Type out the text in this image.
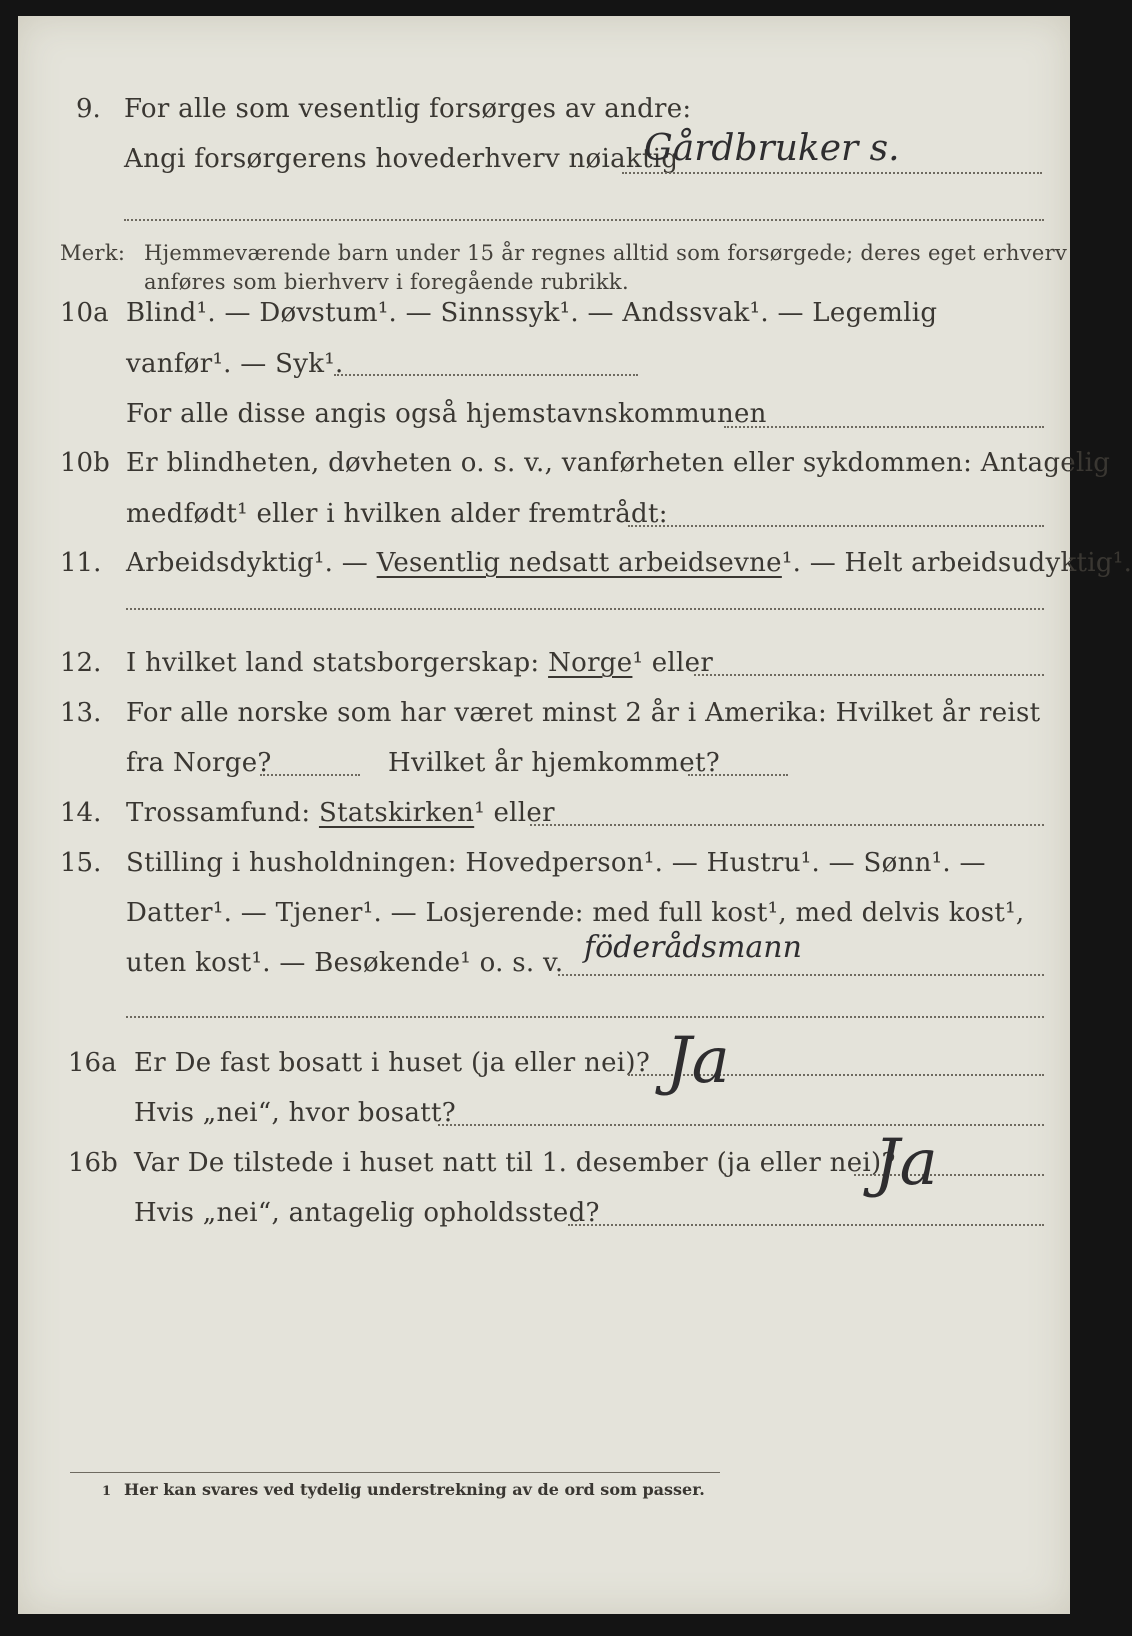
9. For alle som vesentlig forsørges av andre:
Angi forsørgerens hovederhverv nøiaktig
Gårdbruker s.
Merk: Hjemmeværende barn under 15 år regnes alltid som forsørgede; deres eget erhverv
anføres som bierhverv i foregående rubrikk.
10a Blind¹. — Døvstum¹. — Sinnssyk¹. — Andssvak¹. — Legemlig
vanfør¹. — Syk¹.
For alle disse angis også hjemstavnskommunen
10b Er blindheten, døvheten o. s. v., vanførheten eller sykdommen: Antagelig
medfødt¹ eller i hvilken alder fremtrådt:
11. Arbeidsdyktig¹. — Vesentlig nedsatt arbeidsevne¹. — Helt arbeidsudyktig¹.
12. I hvilket land statsborgerskap: Norge¹ eller
13. For alle norske som har været minst 2 år i Amerika: Hvilket år reist
fra Norge?	Hvilket år hjemkommet?
14. Trossamfund: Statskirken¹ eller
15. Stilling i husholdningen: Hovedperson¹. — Hustru¹. — Sønn¹. —
Datter¹. — Tjener¹. — Losjerende: med full kost¹, med delvis kost¹,
uten kost¹. — Besøkende¹ o. s. v. föderådsmann
16a Er De fast bosatt i huset (ja eller nei)?
Hvis „nei“, hvor bosatt?
Ja
16b Var De tilstede i huset natt til 1. desember (ja eller nei)?
Hvis „nei“, antagelig opholdssted?
Ja
1 Her kan svares ved tydelig understrekning av de ord som passer.
